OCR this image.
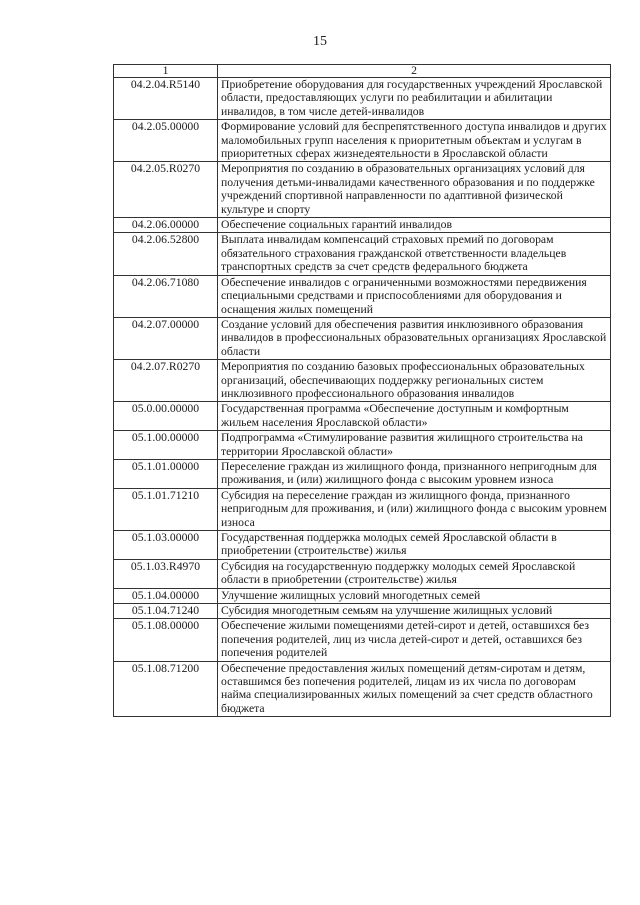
15
1	2
04.2.04.R5140	Приобретение оборудования для государственных учреждений Ярославской области, предоставляющих услуги по реабилитации и абилитации инвалидов, в том числе детей-инвалидов
04.2.05.00000	Формирование условий для беспрепятственного доступа инвалидов и других маломобильных групп населения к приоритетным объектам и услугам в приоритетных сферах жизнедеятельности в Ярославской области
04.2.05.R0270	Мероприятия по созданию в образовательных организациях условий для получения детьми-инвалидами качественного образования и по поддержке учреждений спортивной направленности по адаптивной физической культуре и спорту
04.2.06.00000	Обеспечение социальных гарантий инвалидов
04.2.06.52800	Выплата инвалидам компенсаций страховых премий по договорам обязательного страхования гражданской ответственности владельцев транспортных средств за счет средств федерального бюджета
04.2.06.71080	Обеспечение инвалидов с ограниченными возможностями передвижения специальными средствами и приспособлениями для оборудования и оснащения жилых помещений
04.2.07.00000	Создание условий для обеспечения развития инклюзивного образования инвалидов в профессиональных образовательных организациях Ярославской области
04.2.07.R0270	Мероприятия по созданию базовых профессиональных образовательных организаций, обеспечивающих поддержку региональных систем инклюзивного профессионального образования инвалидов
05.0.00.00000	Государственная программа «Обеспечение доступным и комфортным жильем населения Ярославской области»
05.1.00.00000	Подпрограмма «Стимулирование развития жилищного строительства на территории Ярославской области»
05.1.01.00000	Переселение граждан из жилищного фонда, признанного непригодным для проживания, и (или) жилищного фонда с высоким уровнем износа
05.1.01.71210	Субсидия на переселение граждан из жилищного фонда, признанного непригодным для проживания, и (или) жилищного фонда с высоким уровнем износа
05.1.03.00000	Государственная поддержка молодых семей Ярославской области в приобретении (строительстве) жилья
05.1.03.R4970	Субсидия на государственную поддержку молодых семей Ярославской области в приобретении (строительстве) жилья
05.1.04.00000	Улучшение жилищных условий многодетных семей
05.1.04.71240	Субсидия многодетным семьям на улучшение жилищных условий
05.1.08.00000	Обеспечение жилыми помещениями детей-сирот и детей, оставшихся без попечения родителей, лиц из числа детей-сирот и детей, оставшихся без попечения родителей
05.1.08.71200	Обеспечение предоставления жилых помещений детям-сиротам и детям, оставшимся без попечения родителей, лицам из их числа по договорам найма специализированных жилых помещений за счет средств областного бюджета
